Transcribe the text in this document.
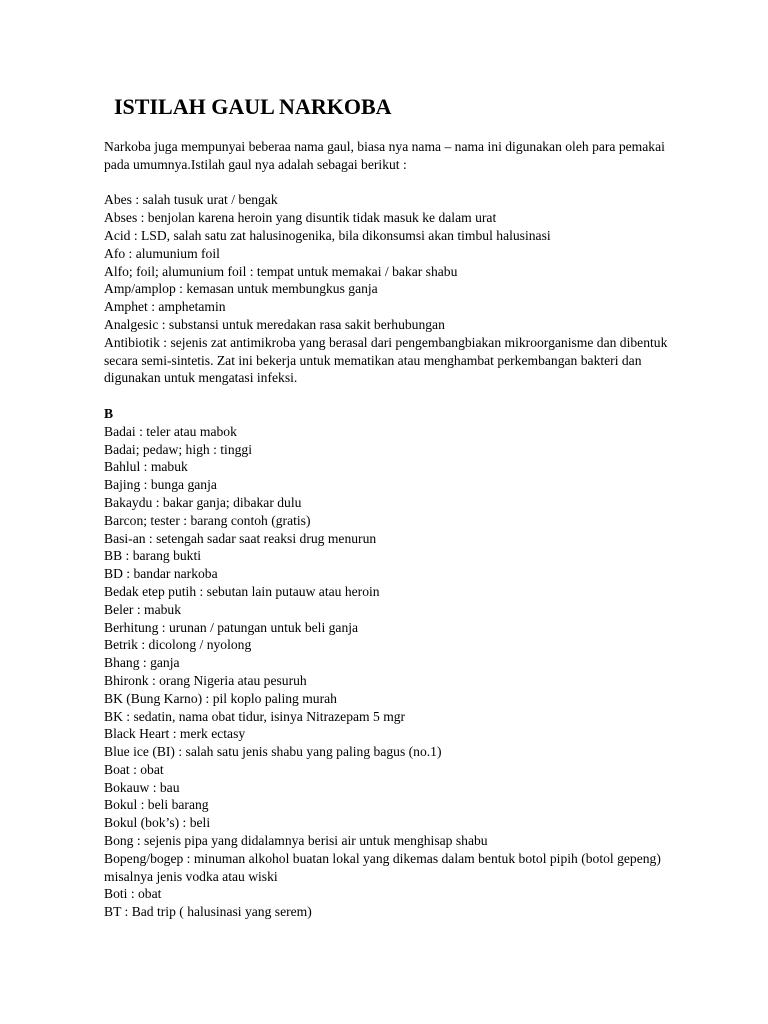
ISTILAH GAUL NARKOBA

Narkoba juga mempunyai beberaa nama gaul, biasa nya nama – nama ini digunakan oleh para pemakai pada umumnya.Istilah gaul nya adalah sebagai berikut :

Abes : salah tusuk urat / bengak
Abses : benjolan karena heroin yang disuntik tidak masuk ke dalam urat
Acid : LSD, salah satu zat halusinogenika, bila dikonsumsi akan timbul halusinasi
Afo : alumunium foil
Alfo; foil; alumunium foil : tempat untuk memakai / bakar shabu
Amp/amplop : kemasan untuk membungkus ganja
Amphet : amphetamin
Analgesic : substansi untuk meredakan rasa sakit berhubungan
Antibiotik : sejenis zat antimikroba yang berasal dari pengembangbiakan mikroorganisme dan dibentuk secara semi-sintetis. Zat ini bekerja untuk mematikan atau menghambat perkembangan bakteri dan digunakan untuk mengatasi infeksi.
B
Badai : teler atau mabok
Badai; pedaw; high : tinggi
Bahlul : mabuk
Bajing : bunga ganja
Bakaydu : bakar ganja; dibakar dulu
Barcon; tester : barang contoh (gratis)
Basi-an : setengah sadar saat reaksi drug menurun
BB : barang bukti
BD : bandar narkoba
Bedak etep putih : sebutan lain putauw atau heroin
Beler : mabuk
Berhitung : urunan / patungan untuk beli ganja
Betrik : dicolong / nyolong
Bhang : ganja
Bhironk : orang Nigeria atau pesuruh
BK (Bung Karno) : pil koplo paling murah
BK : sedatin, nama obat tidur, isinya Nitrazepam 5 mgr
Black Heart : merk ectasy
Blue ice (BI) : salah satu jenis shabu yang paling bagus (no.1)
Boat : obat
Bokauw : bau
Bokul : beli barang
Bokul (bok’s) : beli
Bong : sejenis pipa yang didalamnya berisi air untuk menghisap shabu
Bopeng/bogep : minuman alkohol buatan lokal yang dikemas dalam bentuk botol pipih (botol gepeng) misalnya jenis vodka atau wiski
Boti : obat
BT : Bad trip ( halusinasi yang serem)
